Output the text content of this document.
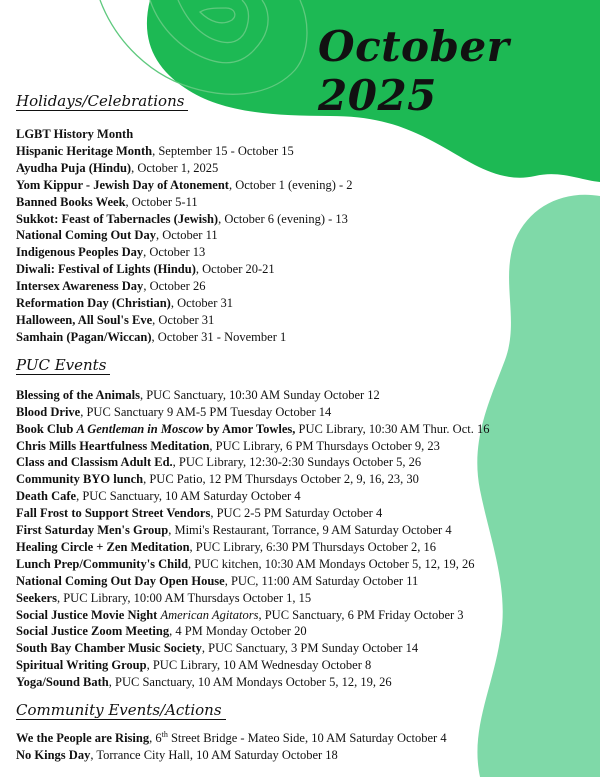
October 2025
Holidays/Celebrations
LGBT History Month
Hispanic Heritage Month, September 15 - October 15
Ayudha Puja (Hindu), October 1, 2025
Yom Kippur - Jewish Day of Atonement, October 1 (evening) - 2
Banned Books Week, October 5-11
Sukkot: Feast of Tabernacles (Jewish), October 6 (evening) - 13
National Coming Out Day, October 11
Indigenous Peoples Day, October 13
Diwali: Festival of Lights (Hindu), October 20-21
Intersex Awareness Day, October 26
Reformation Day (Christian), October 31
Halloween, All Soul's Eve, October 31
Samhain (Pagan/Wiccan), October 31 - November 1
PUC Events
Blessing of the Animals, PUC Sanctuary, 10:30 AM Sunday October 12
Blood Drive, PUC Sanctuary 9 AM-5 PM Tuesday October 14
Book Club A Gentleman in Moscow by Amor Towles, PUC Library, 10:30 AM Thur. Oct. 16
Chris Mills Heartfulness Meditation, PUC Library, 6 PM Thursdays October 9, 23
Class and Classism Adult Ed., PUC Library, 12:30-2:30 Sundays October 5, 26
Community BYO lunch, PUC Patio, 12 PM Thursdays October 2, 9, 16, 23, 30
Death Cafe, PUC Sanctuary, 10 AM Saturday October 4
Fall Frost to Support Street Vendors, PUC 2-5 PM Saturday October 4
First Saturday Men's Group, Mimi's Restaurant, Torrance, 9 AM Saturday October 4
Healing Circle + Zen Meditation, PUC Library, 6:30 PM Thursdays October 2, 16
Lunch Prep/Community's Child, PUC kitchen, 10:30 AM Mondays October 5, 12, 19, 26
National Coming Out Day Open House, PUC, 11:00 AM Saturday October 11
Seekers, PUC Library, 10:00 AM Thursdays October 1, 15
Social Justice Movie Night American Agitators, PUC Sanctuary, 6 PM Friday October 3
Social Justice Zoom Meeting, 4 PM Monday October 20
South Bay Chamber Music Society, PUC Sanctuary, 3 PM Sunday October 14
Spiritual Writing Group, PUC Library, 10 AM Wednesday October 8
Yoga/Sound Bath, PUC Sanctuary, 10 AM Mondays October 5, 12, 19, 26
Community Events/Actions
We the People are Rising, 6th Street Bridge - Mateo Side, 10 AM Saturday October 4
No Kings Day, Torrance City Hall, 10 AM Saturday October 18
